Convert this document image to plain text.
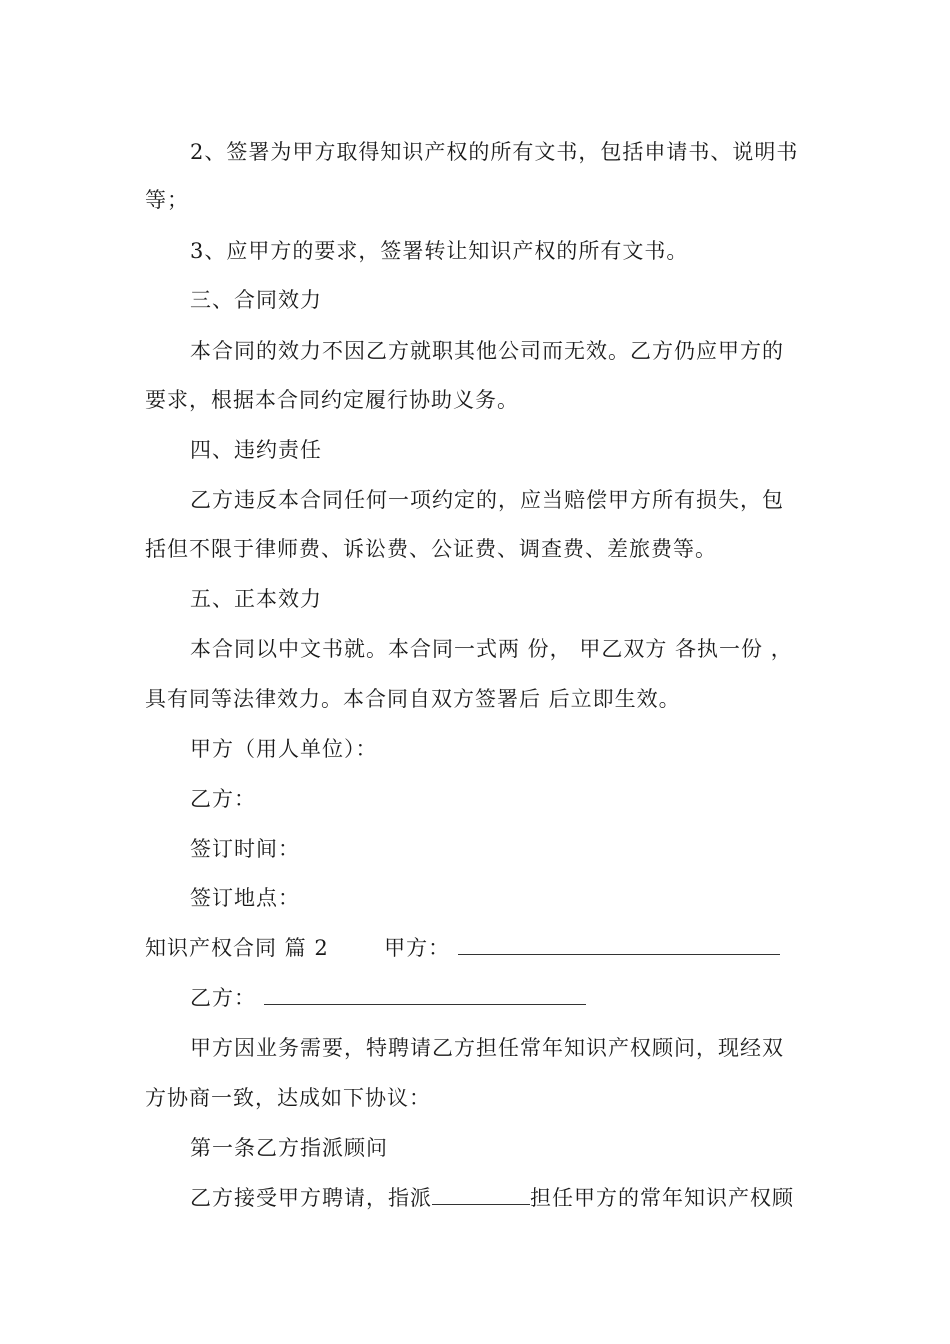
2、签署为甲方取得知识产权的所有文书，包括申请书、说明书
等；
3、应甲方的要求，签署转让知识产权的所有文书。
三、合同效力
本合同的效力不因乙方就职其他公司而无效。乙方仍应甲方的
要求，根据本合同约定履行协助义务。
四、违约责任
乙方违反本合同任何一项约定的，应当赔偿甲方所有损失，包
括但不限于律师费、诉讼费、公证费、调查费、差旅费等。
五、正本效力
本合同以中文书就。本合同一式两 份， 甲乙双方 各执一份 ，
具有同等法律效力。本合同自双方签署后 后立即生效。
甲方（用人单位）：
乙方：
签订时间：
签订地点：
知识产权合同 篇 2	甲方：
乙方：
甲方因业务需要，特聘请乙方担任常年知识产权顾问，现经双
方协商一致，达成如下协议：
第一条乙方指派顾问
乙方接受甲方聘请，指派	担任甲方的常年知识产权顾
